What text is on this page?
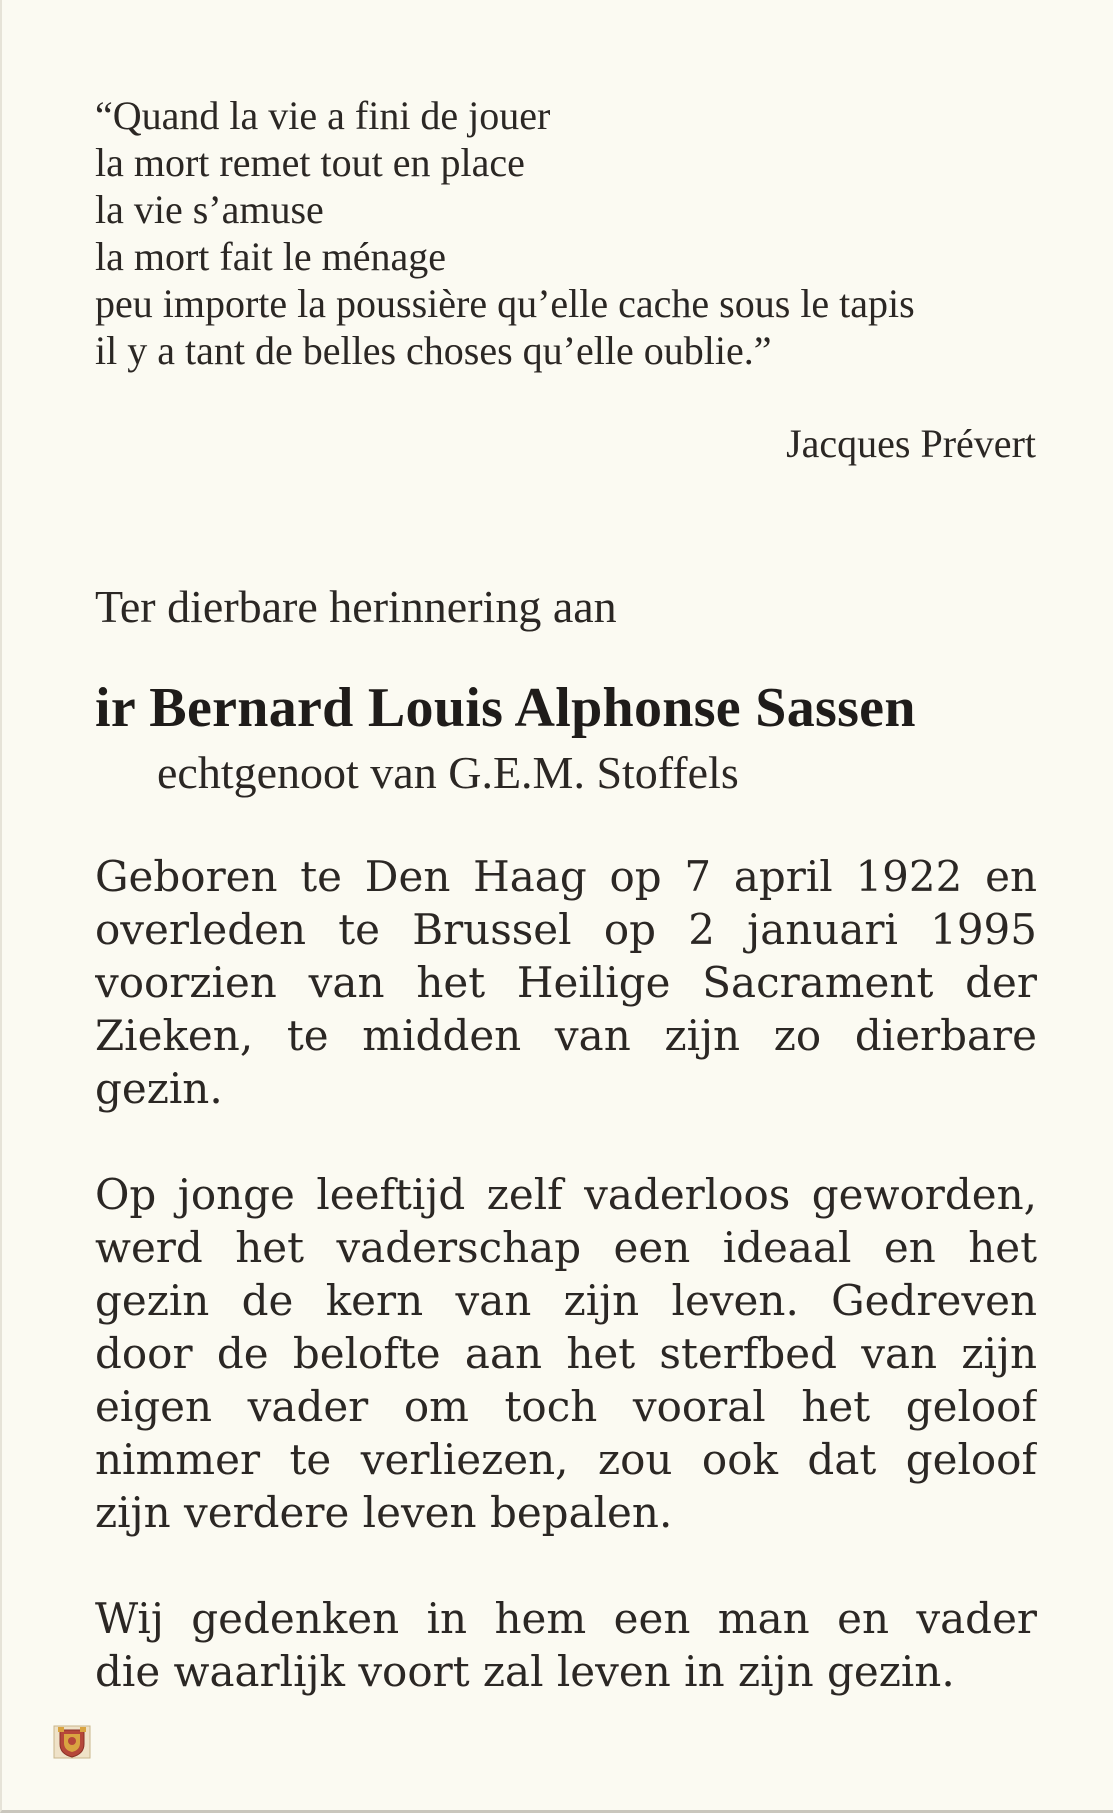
“Quand la vie a fini de jouer
la mort remet tout en place
la vie s’amuse
la mort fait le ménage
peu importe la poussière qu’elle cache sous le tapis
il y a tant de belles choses qu’elle oublie.”
Jacques Prévert
Ter dierbare herinnering aan
ir Bernard Louis Alphonse Sassen
echtgenoot van G.E.M. Stoffels
Geboren te Den Haag op 7 april 1922 en
overleden te Brussel op 2 januari 1995
voorzien van het Heilige Sacrament der
Zieken, te midden van zijn zo dierbare
gezin.
Op jonge leeftijd zelf vaderloos geworden,
werd het vaderschap een ideaal en het
gezin de kern van zijn leven. Gedreven
door de belofte aan het sterfbed van zijn
eigen vader om toch vooral het geloof
nimmer te verliezen, zou ook dat geloof
zijn verdere leven bepalen.
Wij gedenken in hem een man en vader
die waarlijk voort zal leven in zijn gezin.
